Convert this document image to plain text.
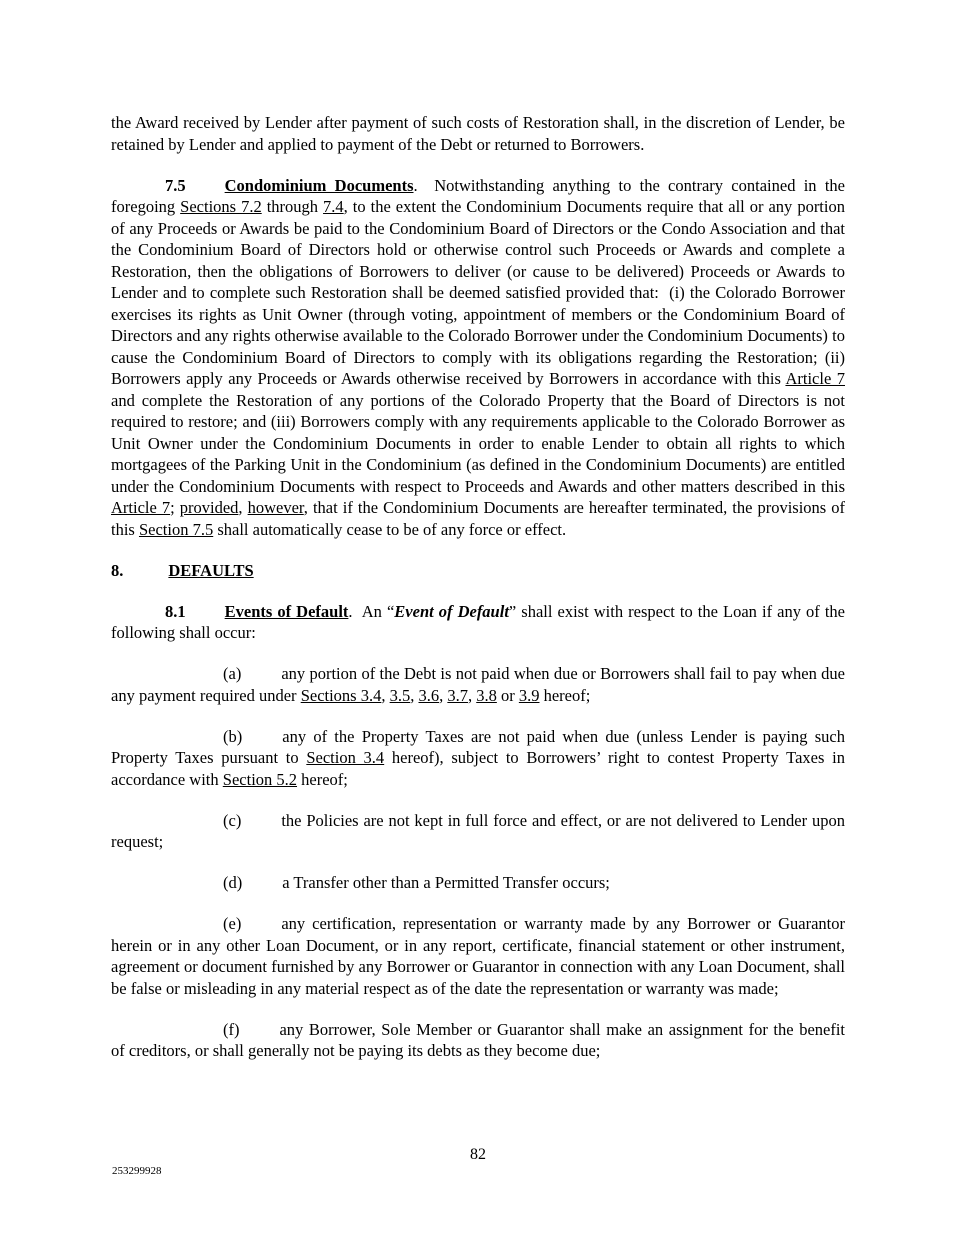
the Award received by Lender after payment of such costs of Restoration shall, in the discretion of Lender, be retained by Lender and applied to payment of the Debt or returned to Borrowers.

7.5 Condominium Documents.  Notwithstanding anything to the contrary contained in the foregoing Sections 7.2 through 7.4, to the extent the Condominium Documents require that all or any portion of any Proceeds or Awards be paid to the Condominium Board of Directors or the Condo Association and that the Condominium Board of Directors hold or otherwise control such Proceeds or Awards and complete a Restoration, then the obligations of Borrowers to deliver (or cause to be delivered) Proceeds or Awards to Lender and to complete such Restoration shall be deemed satisfied provided that:  (i) the Colorado Borrower exercises its rights as Unit Owner (through voting, appointment of members or the Condominium Board of Directors and any rights otherwise available to the Colorado Borrower under the Condominium Documents) to cause the Condominium Board of Directors to comply with its obligations regarding the Restoration; (ii) Borrowers apply any Proceeds or Awards otherwise received by Borrowers in accordance with this Article 7 and complete the Restoration of any portions of the Colorado Property that the Board of Directors is not required to restore; and (iii) Borrowers comply with any requirements applicable to the Colorado Borrower as Unit Owner under the Condominium Documents in order to enable Lender to obtain all rights to which mortgagees of the Parking Unit in the Condominium (as defined in the Condominium Documents) are entitled under the Condominium Documents with respect to Proceeds and Awards and other matters described in this Article 7; provided, however, that if the Condominium Documents are hereafter terminated, the provisions of this Section 7.5 shall automatically cease to be of any force or effect.

8.	DEFAULTS

8.1 Events of Default.  An “Event of Default” shall exist with respect to the Loan if any of the following shall occur:

(a) any portion of the Debt is not paid when due or Borrowers shall fail to pay when due any payment required under Sections 3.4, 3.5, 3.6, 3.7, 3.8 or 3.9 hereof;

(b) any of the Property Taxes are not paid when due (unless Lender is paying such Property Taxes pursuant to Section 3.4 hereof), subject to Borrowers’ right to contest Property Taxes in accordance with Section 5.2 hereof;

(c) the Policies are not kept in full force and effect, or are not delivered to Lender upon request;

(d) a Transfer other than a Permitted Transfer occurs;

(e) any certification, representation or warranty made by any Borrower or Guarantor herein or in any other Loan Document, or in any report, certificate, financial statement or other instrument, agreement or document furnished by any Borrower or Guarantor in connection with any Loan Document, shall be false or misleading in any material respect as of the date the representation or warranty was made;

(f) any Borrower, Sole Member or Guarantor shall make an assignment for the benefit of creditors, or shall generally not be paying its debts as they become due;

82
253299928
